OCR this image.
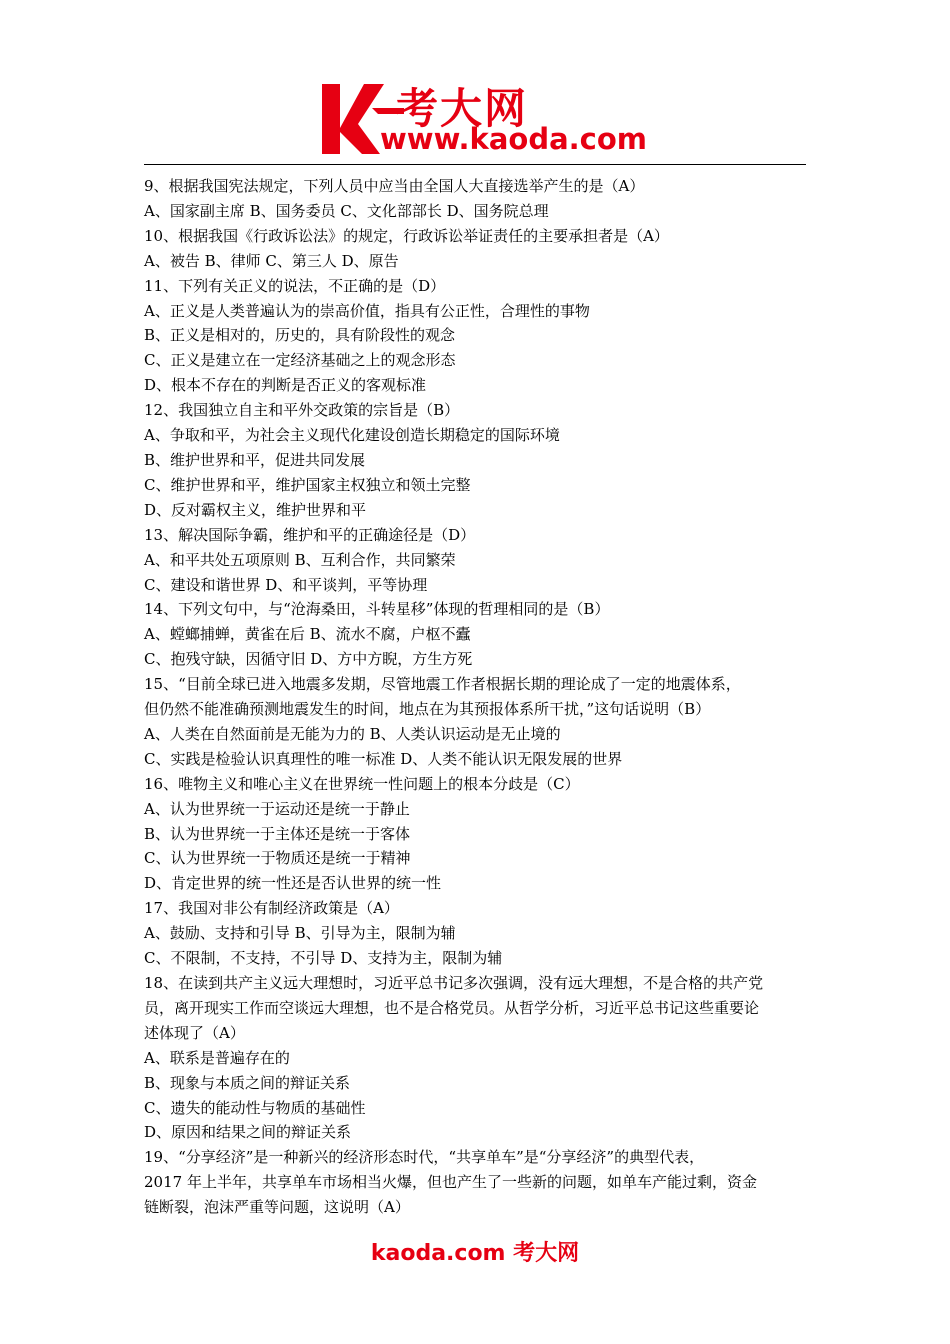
考大网
www.kaoda.com

9、根据我国宪法规定，下列人员中应当由全国人大直接选举产生的是（A）

A、国家副主席 B、国务委员 C、文化部部长 D、国务院总理

10、根据我国《行政诉讼法》的规定，行政诉讼举证责任的主要承担者是（A）

A、被告 B、律师 C、第三人 D、原告

11、下列有关正义的说法，不正确的是（D）

A、正义是人类普遍认为的崇高价值，指具有公正性，合理性的事物

B、正义是相对的，历史的，具有阶段性的观念

C、正义是建立在一定经济基础之上的观念形态

D、根本不存在的判断是否正义的客观标准

12、我国独立自主和平外交政策的宗旨是（B）

A、争取和平，为社会主义现代化建设创造长期稳定的国际环境

B、维护世界和平，促进共同发展

C、维护世界和平，维护国家主权独立和领土完整

D、反对霸权主义，维护世界和平

13、解决国际争霸，维护和平的正确途径是（D）

A、和平共处五项原则 B、互利合作，共同繁荣

C、建设和谐世界 D、和平谈判，平等协理

14、下列文句中，与“沧海桑田，斗转星移”体现的哲理相同的是（B）

A、螳螂捕蝉，黄雀在后 B、流水不腐，户枢不蠹

C、抱残守缺，因循守旧 D、方中方睨，方生方死

15、“目前全球已进入地震多发期，尽管地震工作者根据长期的理论成了一定的地震体系，

但仍然不能准确预测地震发生的时间，地点在为其预报体系所干扰，”这句话说明（B）

A、人类在自然面前是无能为力的 B、人类认识运动是无止境的

C、实践是检验认识真理性的唯一标准 D、人类不能认识无限发展的世界

16、唯物主义和唯心主义在世界统一性问题上的根本分歧是（C）

A、认为世界统一于运动还是统一于静止

B、认为世界统一于主体还是统一于客体

C、认为世界统一于物质还是统一于精神

D、肯定世界的统一性还是否认世界的统一性

17、我国对非公有制经济政策是（A）

A、鼓励、支持和引导 B、引导为主，限制为辅

C、不限制，不支持，不引导 D、支持为主，限制为辅

18、在读到共产主义远大理想时，习近平总书记多次强调，没有远大理想，不是合格的共产党

员，离开现实工作而空谈远大理想，也不是合格党员。从哲学分析，习近平总书记这些重要论

述体现了（A）

A、联系是普遍存在的

B、现象与本质之间的辩证关系

C、遗失的能动性与物质的基础性

D、原因和结果之间的辩证关系

19、“分享经济”是一种新兴的经济形态时代，“共享单车”是“分享经济”的典型代表，

2017 年上半年，共享单车市场相当火爆，但也产生了一些新的问题，如单车产能过剩，资金

链断裂，泡沫严重等问题，这说明（A）

kaoda.com 考大网
